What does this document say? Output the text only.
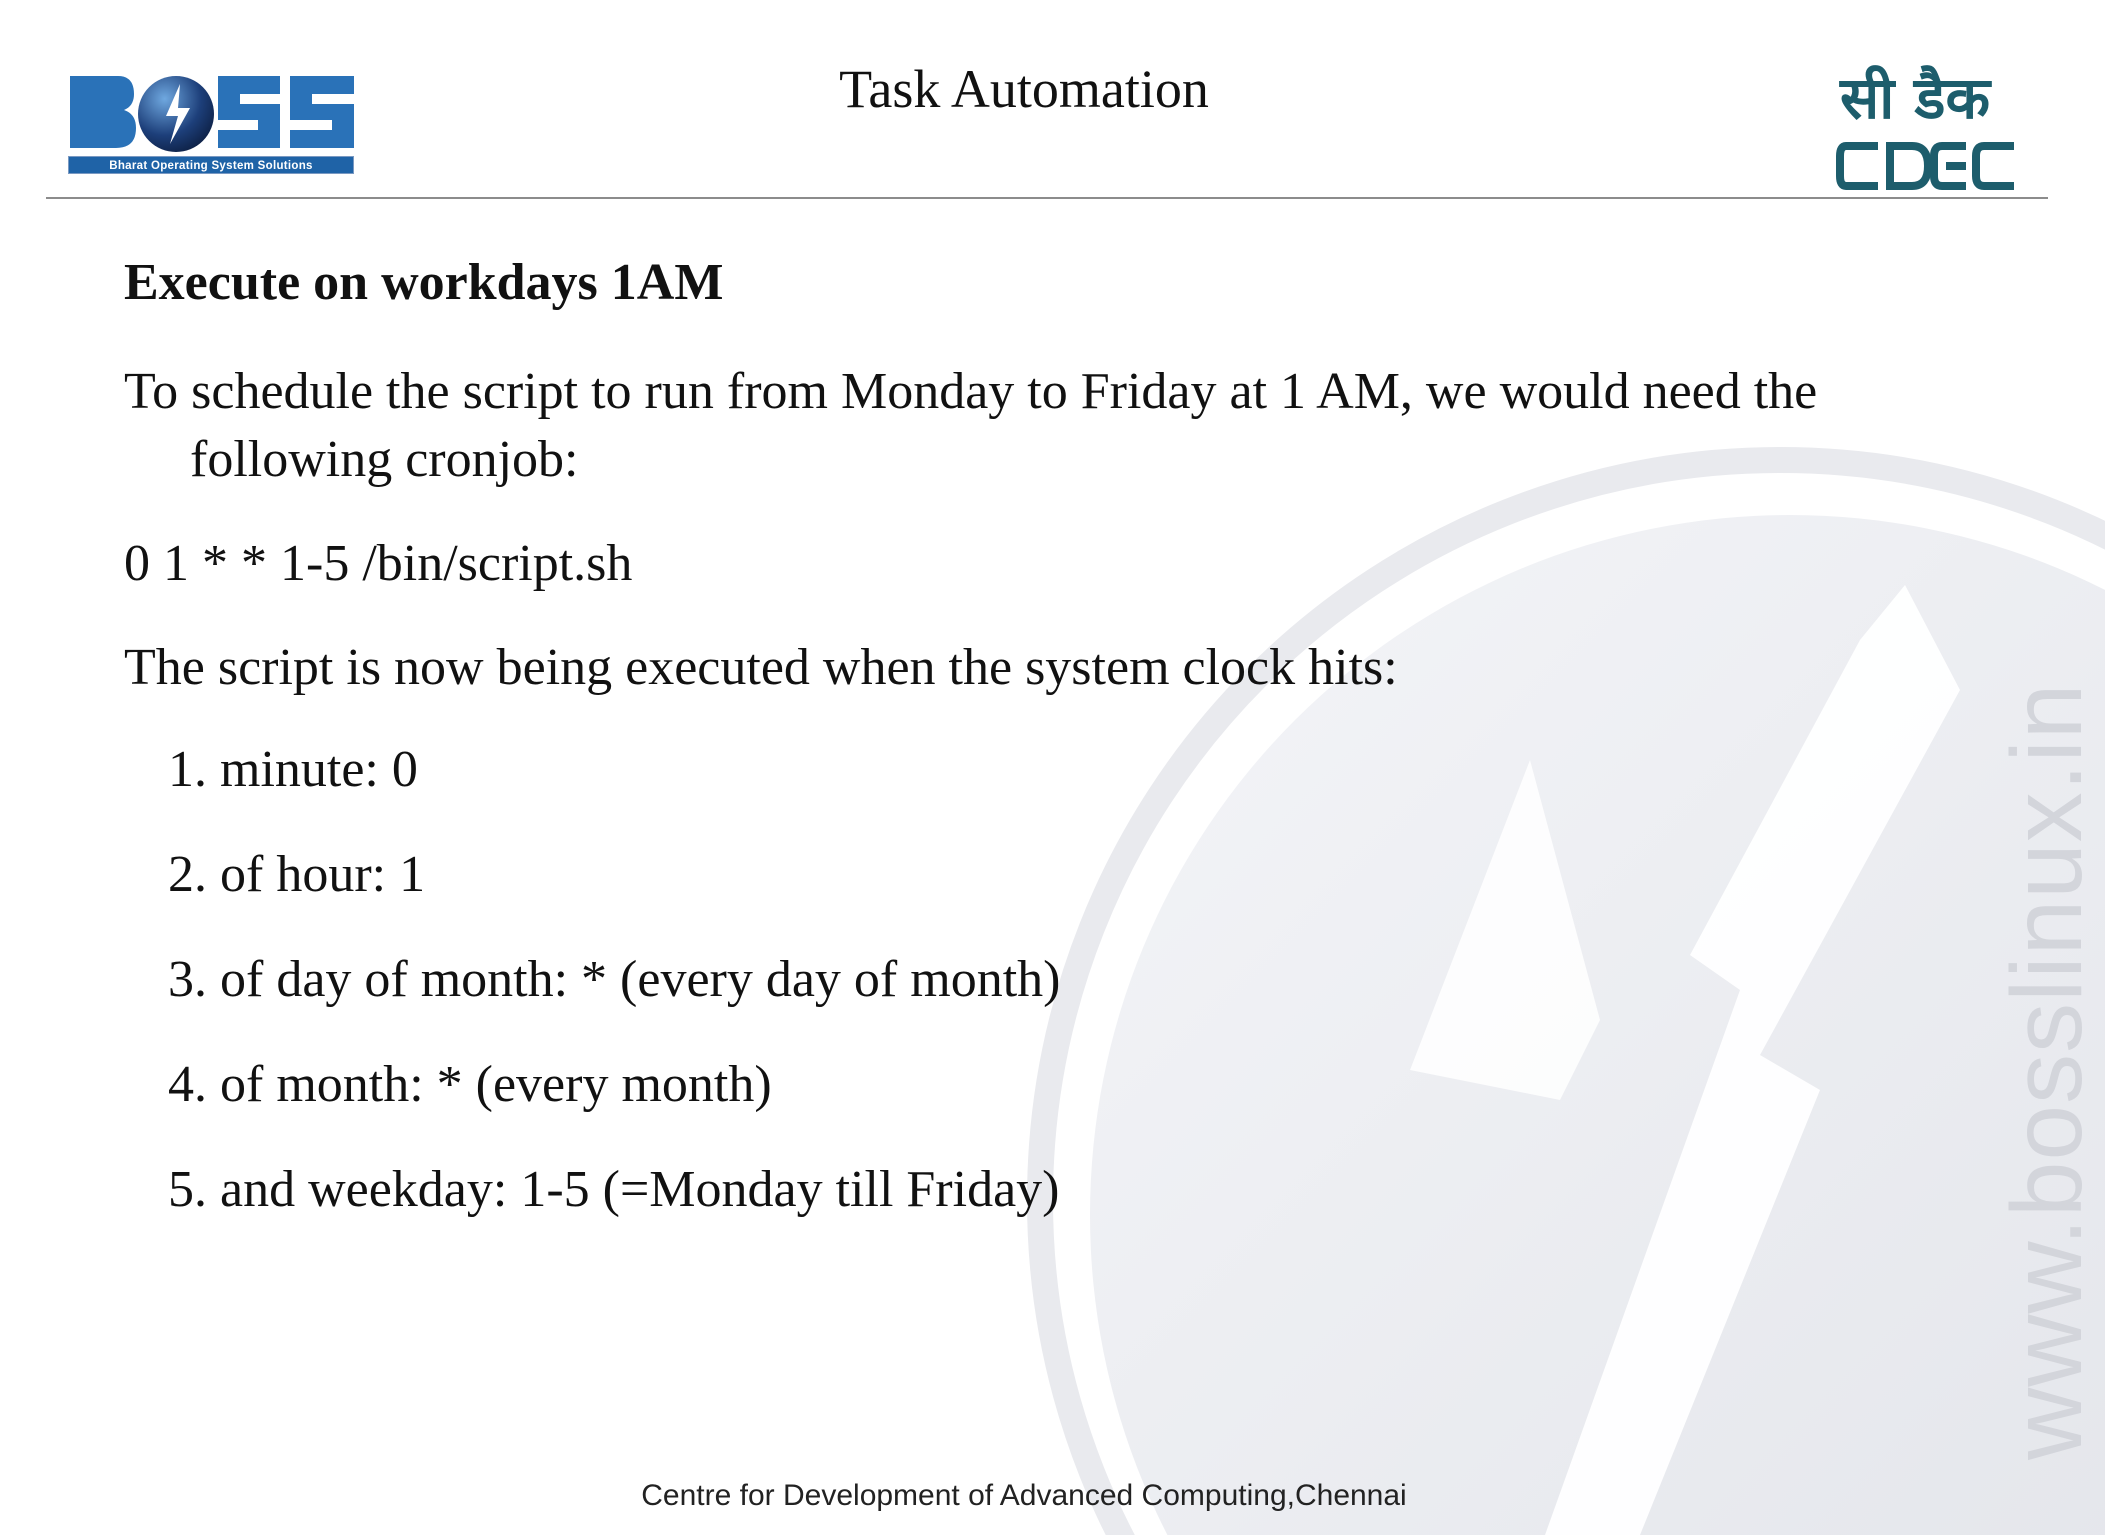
www.bosslinux.in
Bharat Operating System Solutions
Task Automation	सी डैक

Execute on workdays 1AM

To schedule the script to run from Monday to Friday at 1 AM, we would need the following cronjob:

0 1 * * 1-5 /bin/script.sh

The script is now being executed when the system clock hits:

1. minute: 0
2. of hour: 1
3. of day of month: * (every day of month)
4. of month: * (every month)
5. and weekday: 1-5 (=Monday till Friday)
Centre for Development of Advanced Computing,Chennai
